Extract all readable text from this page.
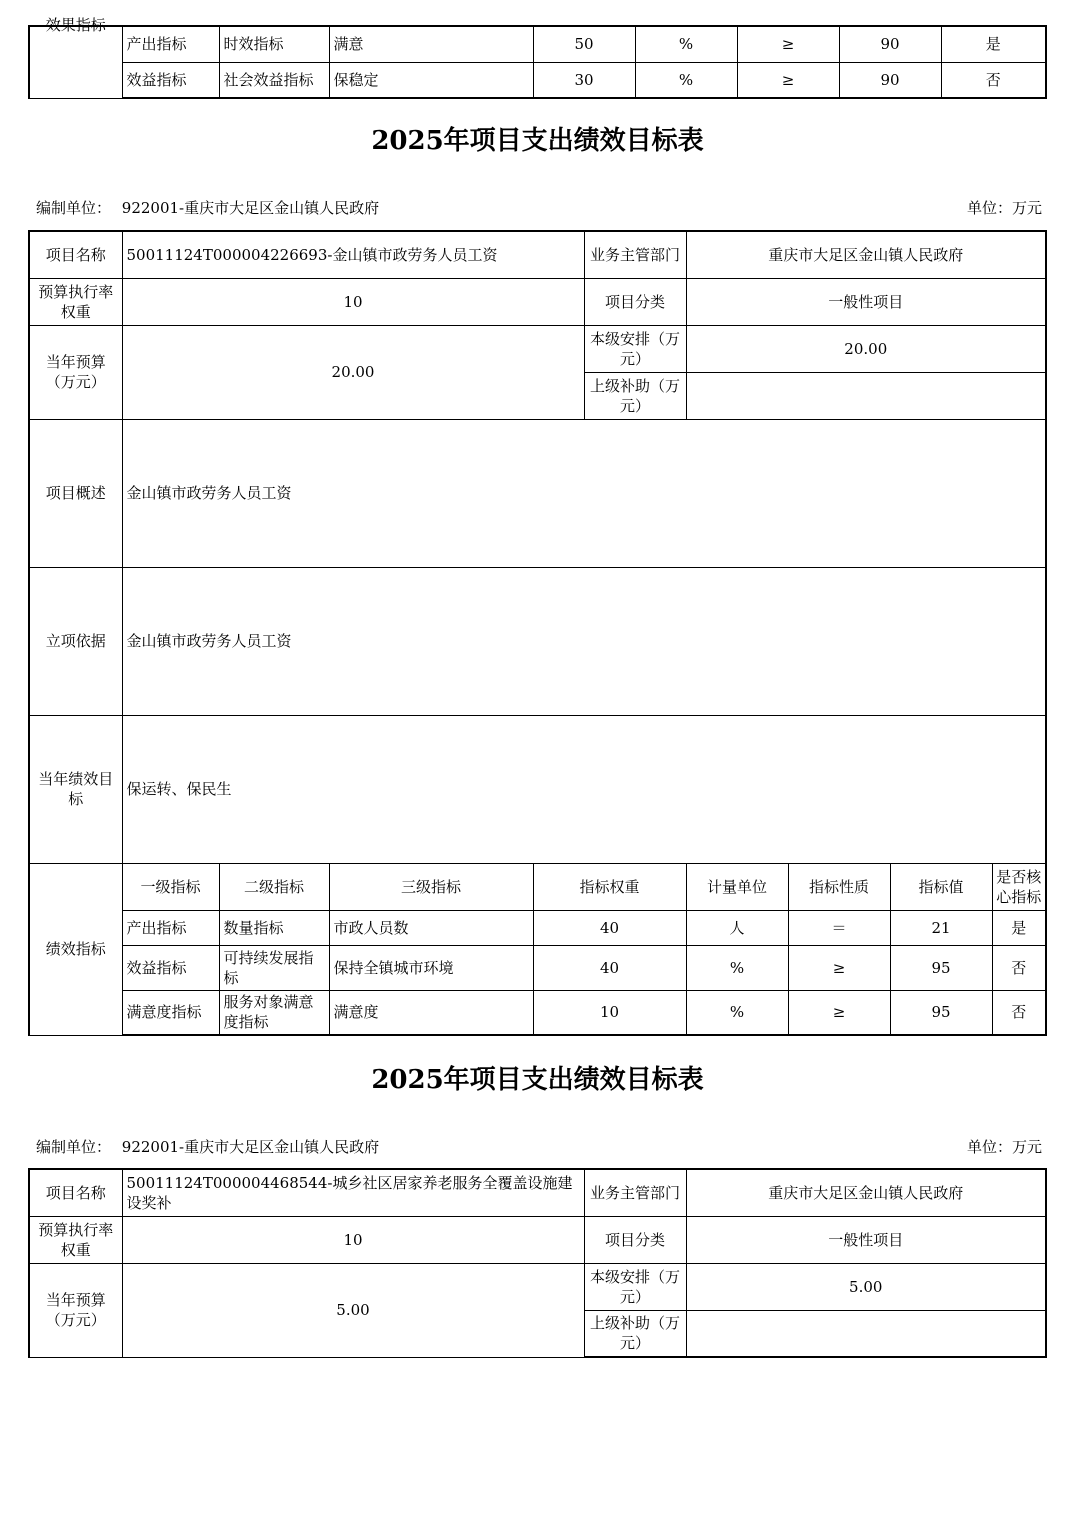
效果指标	产出指标	时效指标	满意	50	%	≥	90	是
	效益指标	社会效益指标	保稳定	30	%	≥	90	否
2025年项目支出绩效目标表
编制单位： 922001-重庆市大足区金山镇人民政府	单位：万元
项目名称	50011124T000004226693-金山镇市政劳务人员工资				业务主管部门	重庆市大足区金山镇人民政府			
预算执行率权重	10				项目分类	一般性项目			
当年预算（万元）	20.00				本级安排（万元）	20.00			
					上级补助（万元）				
项目概述	金山镇市政劳务人员工资								
立项依据	金山镇市政劳务人员工资								
当年绩效目标	保运转、保民生								
绩效指标	一级指标	二级指标	三级指标	指标权重		计量单位	指标性质	指标值	是否核心指标
	产出指标	数量指标	市政人员数	40		人	＝	21	是
	效益指标	可持续发展指标	保持全镇城市环境	40		%	≥	95	否
	满意度指标	服务对象满意度指标	满意度	10		%	≥	95	否
2025年项目支出绩效目标表
编制单位： 922001-重庆市大足区金山镇人民政府	单位：万元
项目名称	50011124T000004468544-城乡社区居家养老服务全覆盖设施建设奖补	业务主管部门	重庆市大足区金山镇人民政府
预算执行率权重	10	项目分类	一般性项目
当年预算（万元）	5.00	本级安排（万元）	5.00
		上级补助（万元）	
